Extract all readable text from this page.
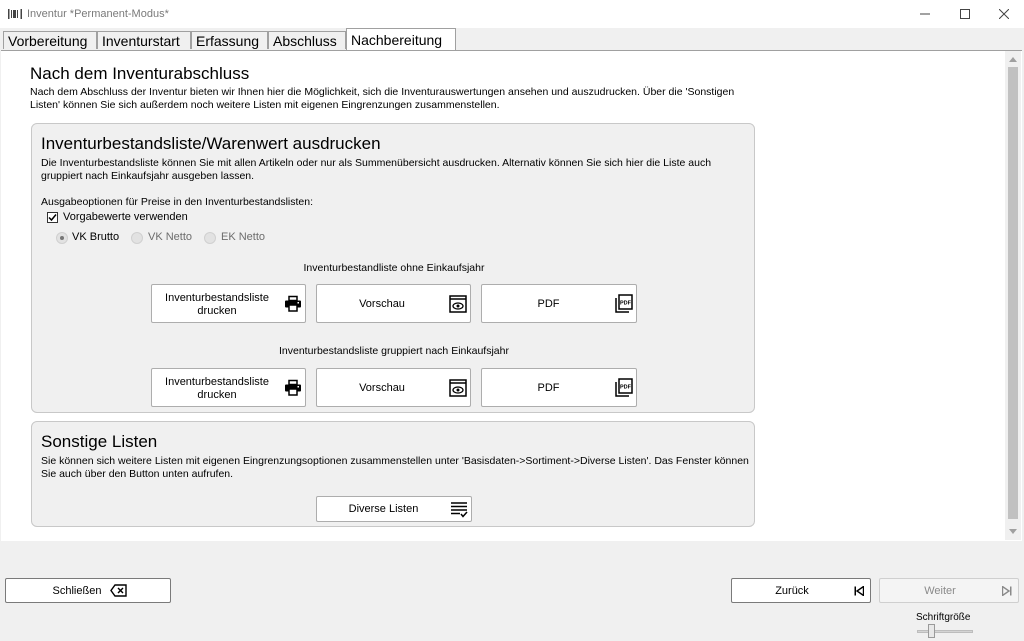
Inventur *Permanent-Modus*
Vorbereitung	Inventurstart	Erfassung Abschluss	Nachbereitung
Nach dem Inventurabschluss
Nach dem Abschluss der Inventur bieten wir Ihnen hier die Möglichkeit, sich die Inventurauswertungen ansehen und auszudrucken. Über die 'Sonstigen Listen' können Sie sich außerdem noch weitere Listen mit eigenen Eingrenzungen zusammenstellen.
Inventurbestandsliste/Warenwert ausdrucken
Die Inventurbestandsliste können Sie mit allen Artikeln oder nur als Summenübersicht ausdrucken. Alternativ können Sie sich hier die Liste auch gruppiert nach Einkaufsjahr ausgeben lassen.
Ausgabeoptionen für Preise in den Inventurbestandslisten:
Vorgabewerte verwenden
VK Brutto	VK Netto	EK Netto
Inventurbestandliste ohne Einkaufsjahr
Inventurbestandsliste
drucken
Vorschau	PDF	PDF
Inventurbestandsliste gruppiert nach Einkaufsjahr
Inventurbestandsliste
drucken
Vorschau	PDF	PDF
Sonstige Listen
Sie können sich weitere Listen mit eigenen Eingrenzungsoptionen zusammenstellen unter 'Basisdaten->Sortiment->Diverse Listen'. Das Fenster können Sie auch über den Button unten aufrufen.
Diverse Listen
Schließen	Zurück	Weiter
Schriftgröße
